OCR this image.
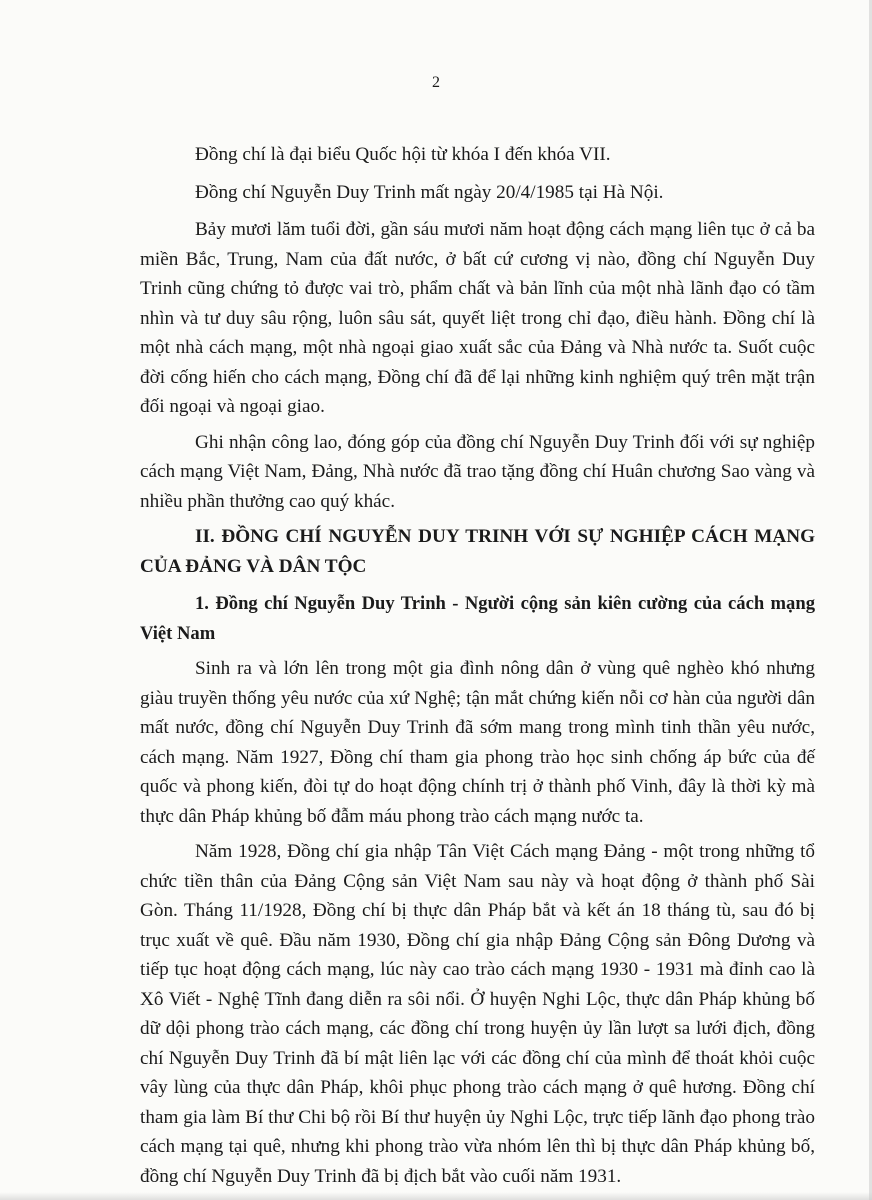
2

Đồng chí là đại biểu Quốc hội từ khóa I đến khóa VII.

Đồng chí Nguyễn Duy Trinh mất ngày 20/4/1985 tại Hà Nội.

Bảy mươi lăm tuổi đời, gần sáu mươi năm hoạt động cách mạng liên tục ở cả ba miền Bắc, Trung, Nam của đất nước, ở bất cứ cương vị nào, đồng chí Nguyễn Duy Trinh cũng chứng tỏ được vai trò, phẩm chất và bản lĩnh của một nhà lãnh đạo có tầm nhìn và tư duy sâu rộng, luôn sâu sát, quyết liệt trong chỉ đạo, điều hành. Đồng chí là một nhà cách mạng, một nhà ngoại giao xuất sắc của Đảng và Nhà nước ta. Suốt cuộc đời cống hiến cho cách mạng, Đồng chí đã để lại những kinh nghiệm quý trên mặt trận đối ngoại và ngoại giao.

Ghi nhận công lao, đóng góp của đồng chí Nguyễn Duy Trinh đối với sự nghiệp cách mạng Việt Nam, Đảng, Nhà nước đã trao tặng đồng chí Huân chương Sao vàng và nhiều phần thưởng cao quý khác.

II. ĐỒNG CHÍ NGUYỄN DUY TRINH VỚI SỰ NGHIỆP CÁCH MẠNG CỦA ĐẢNG VÀ DÂN TỘC
1. Đồng chí Nguyễn Duy Trinh - Người cộng sản kiên cường của cách mạng Việt Nam

Sinh ra và lớn lên trong một gia đình nông dân ở vùng quê nghèo khó nhưng giàu truyền thống yêu nước của xứ Nghệ; tận mắt chứng kiến nỗi cơ hàn của người dân mất nước, đồng chí Nguyễn Duy Trinh đã sớm mang trong mình tinh thần yêu nước, cách mạng. Năm 1927, Đồng chí tham gia phong trào học sinh chống áp bức của đế quốc và phong kiến, đòi tự do hoạt động chính trị ở thành phố Vinh, đây là thời kỳ mà thực dân Pháp khủng bố đẫm máu phong trào cách mạng nước ta.

Năm 1928, Đồng chí gia nhập Tân Việt Cách mạng Đảng - một trong những tổ chức tiền thân của Đảng Cộng sản Việt Nam sau này và hoạt động ở thành phố Sài Gòn. Tháng 11/1928, Đồng chí bị thực dân Pháp bắt và kết án 18 tháng tù, sau đó bị trục xuất về quê. Đầu năm 1930, Đồng chí gia nhập Đảng Cộng sản Đông Dương và tiếp tục hoạt động cách mạng, lúc này cao trào cách mạng 1930 - 1931 mà đỉnh cao là Xô Viết - Nghệ Tĩnh đang diễn ra sôi nổi. Ở huyện Nghi Lộc, thực dân Pháp khủng bố dữ dội phong trào cách mạng, các đồng chí trong huyện ủy lần lượt sa lưới địch, đồng chí Nguyễn Duy Trinh đã bí mật liên lạc với các đồng chí của mình để thoát khỏi cuộc vây lùng của thực dân Pháp, khôi phục phong trào cách mạng ở quê hương. Đồng chí tham gia làm Bí thư Chi bộ rồi Bí thư huyện ủy Nghi Lộc, trực tiếp lãnh đạo phong trào cách mạng tại quê, nhưng khi phong trào vừa nhóm lên thì bị thực dân Pháp khủng bố, đồng chí Nguyễn Duy Trinh đã bị địch bắt vào cuối năm 1931.
